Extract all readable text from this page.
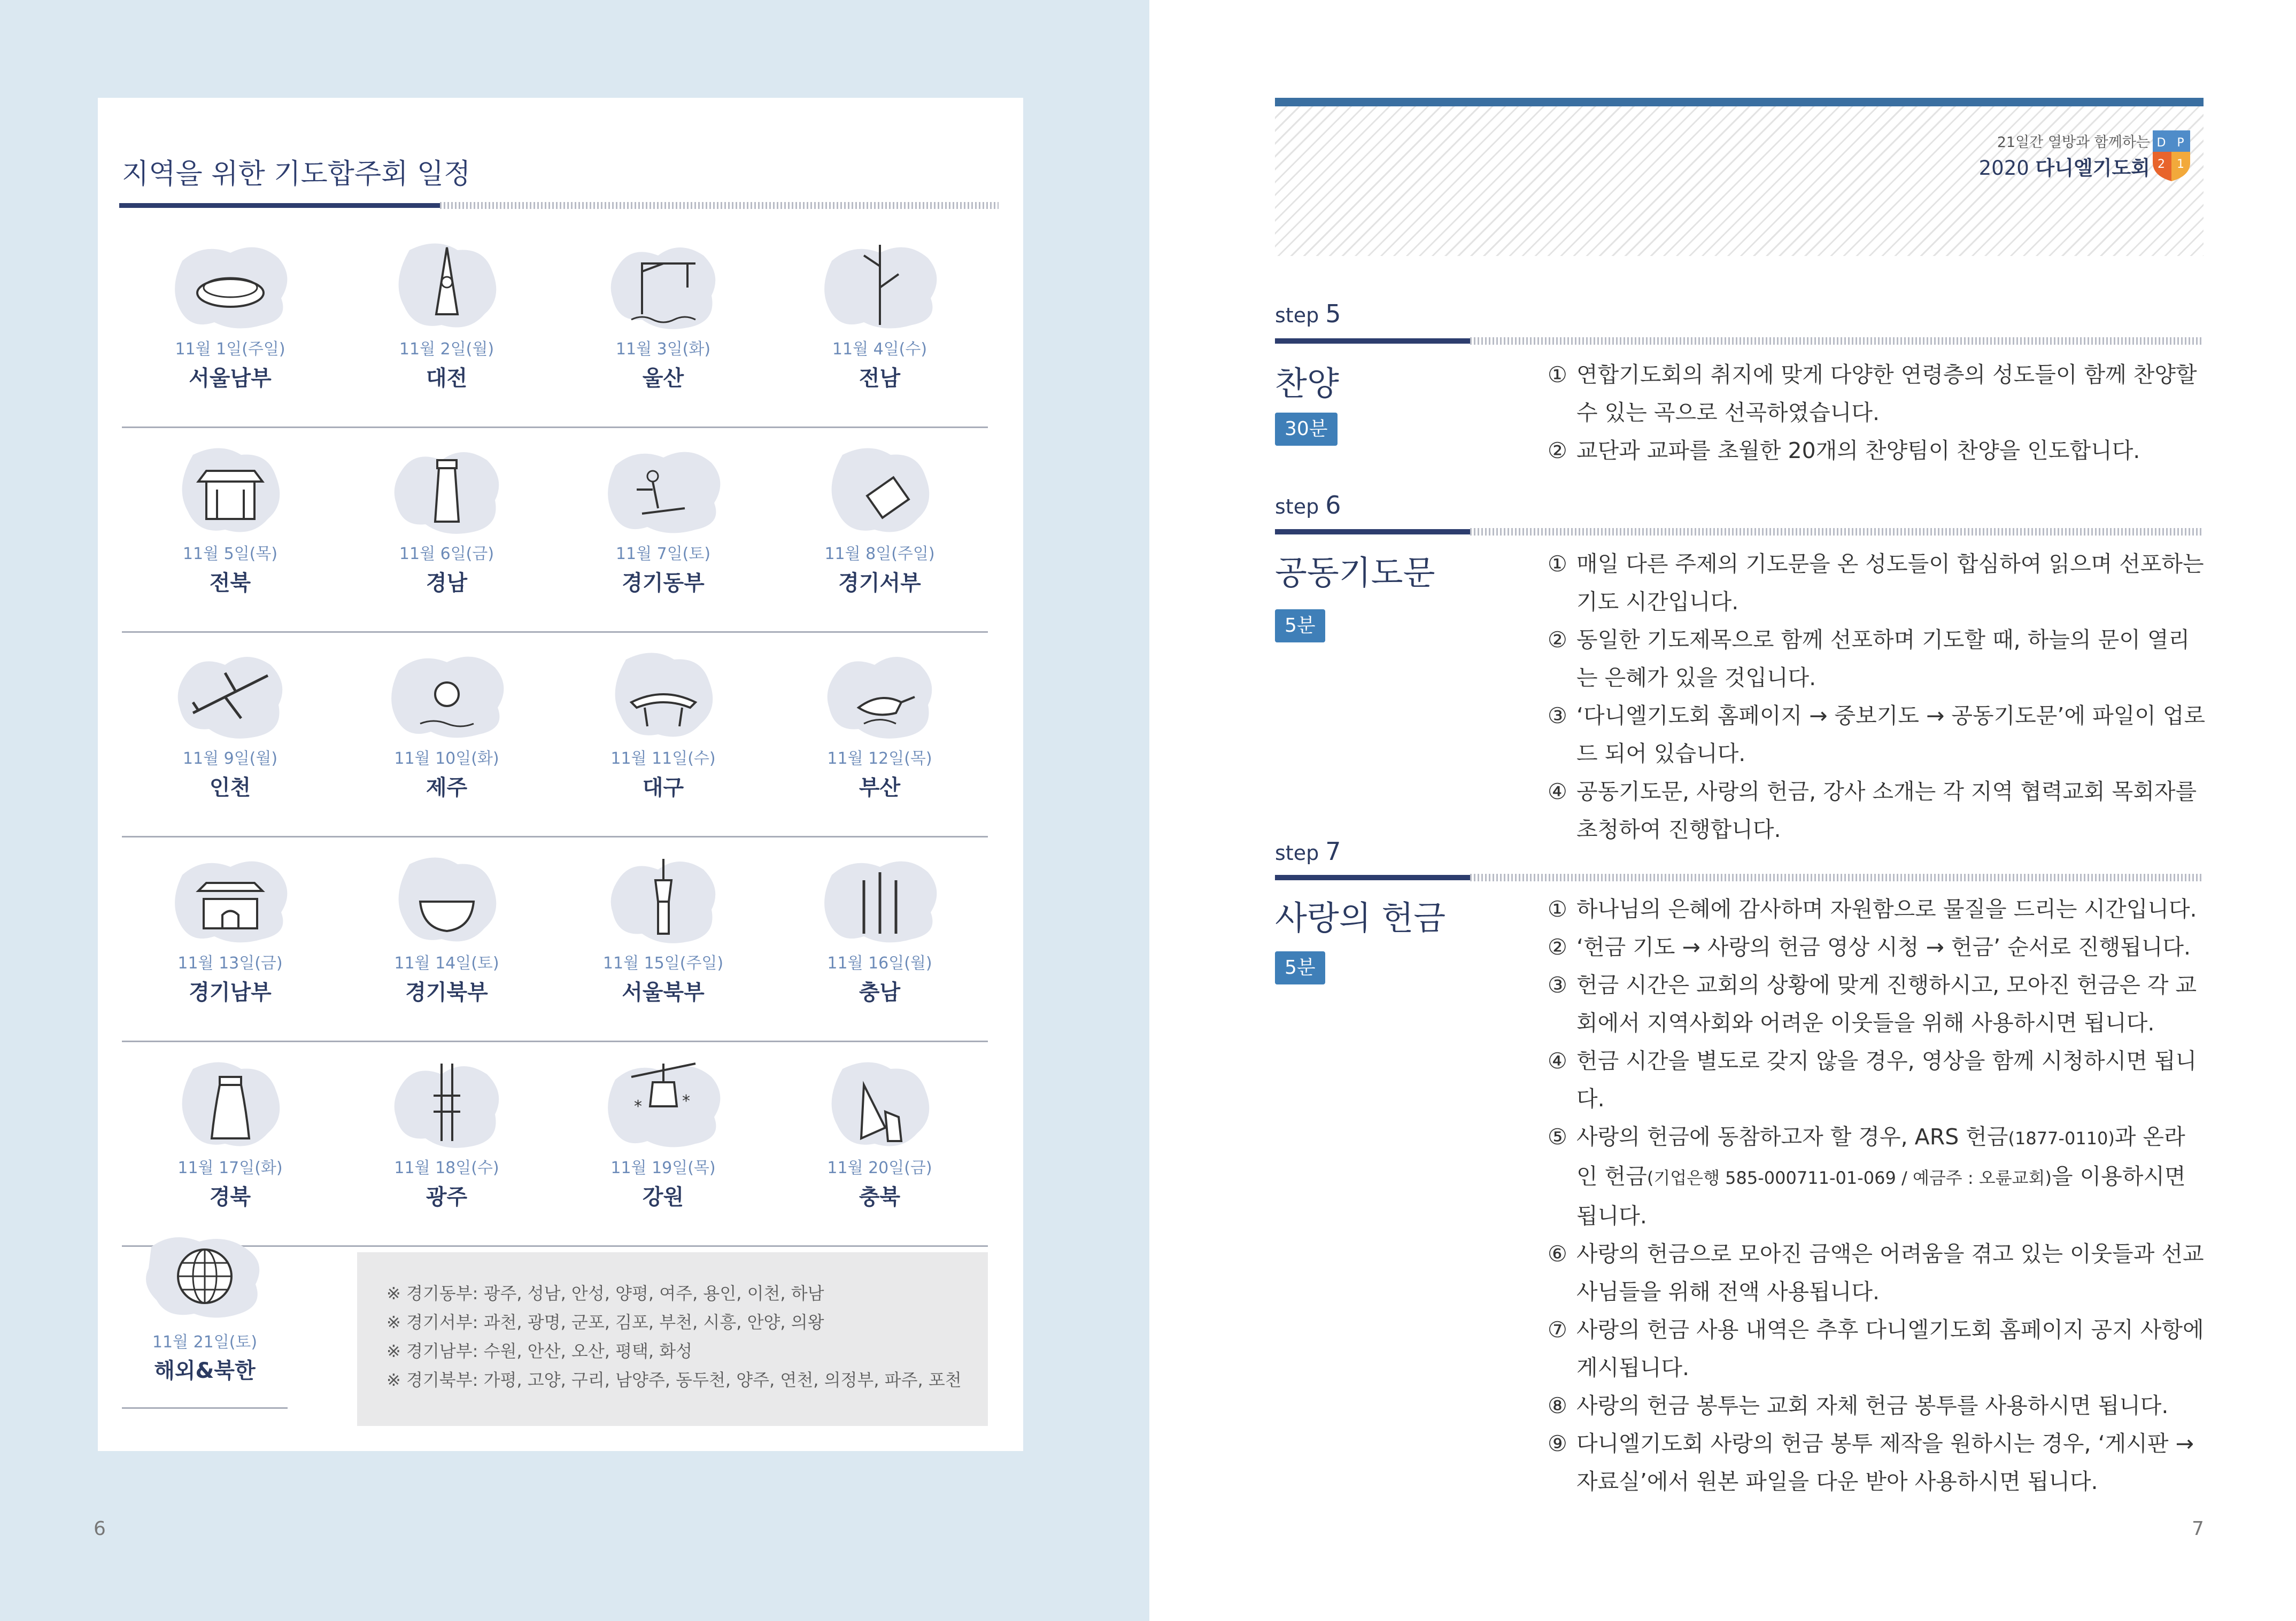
지역을 위한 기도합주회 일정
11월 1일(주일)
서울남부
11월 2일(월)
대전
11월 3일(화)
울산
11월 4일(수)
전남
11월 5일(목)
전북
11월 6일(금)
경남
11월 7일(토)
경기동부
11월 8일(주일)
경기서부
11월 9일(월)
인천
11월 10일(화)
제주
11월 11일(수)
대구
11월 12일(목)
부산
11월 13일(금)
경기남부
11월 14일(토)
경기북부
11월 15일(주일)
서울북부
11월 16일(월)
충남
11월 17일(화)
경북
11월 18일(수)
광주
*	*
11월 19일(목)
강원
11월 20일(금)
충북
11월 21일(토)
해외&북한
※ 경기동부: 광주, 성남, 안성, 양평, 여주, 용인, 이천, 하남
※ 경기서부: 과천, 광명, 군포, 김포, 부천, 시흥, 안양, 의왕
※ 경기남부: 수원, 안산, 오산, 평택, 화성
※ 경기북부: 가평, 고양, 구리, 남양주, 동두천, 양주, 연천, 의정부, 파주, 포천
6
21일간 열방과 함께하는
2020 다니엘기도회
D P
2 1
step 5
찬양
30분
① 연합기도회의 취지에 맞게 다양한 연령층의 성도들이 함께 찬양할 수 있는 곡으로 선곡하였습니다.
② 교단과 교파를 초월한 20개의 찬양팀이 찬양을 인도합니다.
step 6
공동기도문
5분
① 매일 다른 주제의 기도문을 온 성도들이 합심하여 읽으며 선포하는 기도 시간입니다.
② 동일한 기도제목으로 함께 선포하며 기도할 때, 하늘의 문이 열리는 은혜가 있을 것입니다.
③ ‘다니엘기도회 홈페이지 → 중보기도 → 공동기도문’에 파일이 업로드 되어 있습니다.
④ 공동기도문, 사랑의 헌금, 강사 소개는 각 지역 협력교회 목회자를 초청하여 진행합니다.
step 7
사랑의 헌금
5분
① 하나님의 은혜에 감사하며 자원함으로 물질을 드리는 시간입니다.
② ‘헌금 기도 → 사랑의 헌금 영상 시청 → 헌금’ 순서로 진행됩니다.
③ 헌금 시간은 교회의 상황에 맞게 진행하시고, 모아진 헌금은 각 교회에서 지역사회와 어려운 이웃들을 위해 사용하시면 됩니다.
④ 헌금 시간을 별도로 갖지 않을 경우, 영상을 함께 시청하시면 됩니다.
⑤ 사랑의 헌금에 동참하고자 할 경우, ARS 헌금(1877-0110)과 온라인 헌금(기업은행 585-000711-01-069 / 예금주 : 오륜교회)을 이용하시면 됩니다.
⑥ 사랑의 헌금으로 모아진 금액은 어려움을 겪고 있는 이웃들과 선교사님들을 위해 전액 사용됩니다.
⑦ 사랑의 헌금 사용 내역은 추후 다니엘기도회 홈페이지 공지 사항에 게시됩니다.
⑧ 사랑의 헌금 봉투는 교회 자체 헌금 봉투를 사용하시면 됩니다.
⑨ 다니엘기도회 사랑의 헌금 봉투 제작을 원하시는 경우, ‘게시판 → 자료실’에서 원본 파일을 다운 받아 사용하시면 됩니다.
7
